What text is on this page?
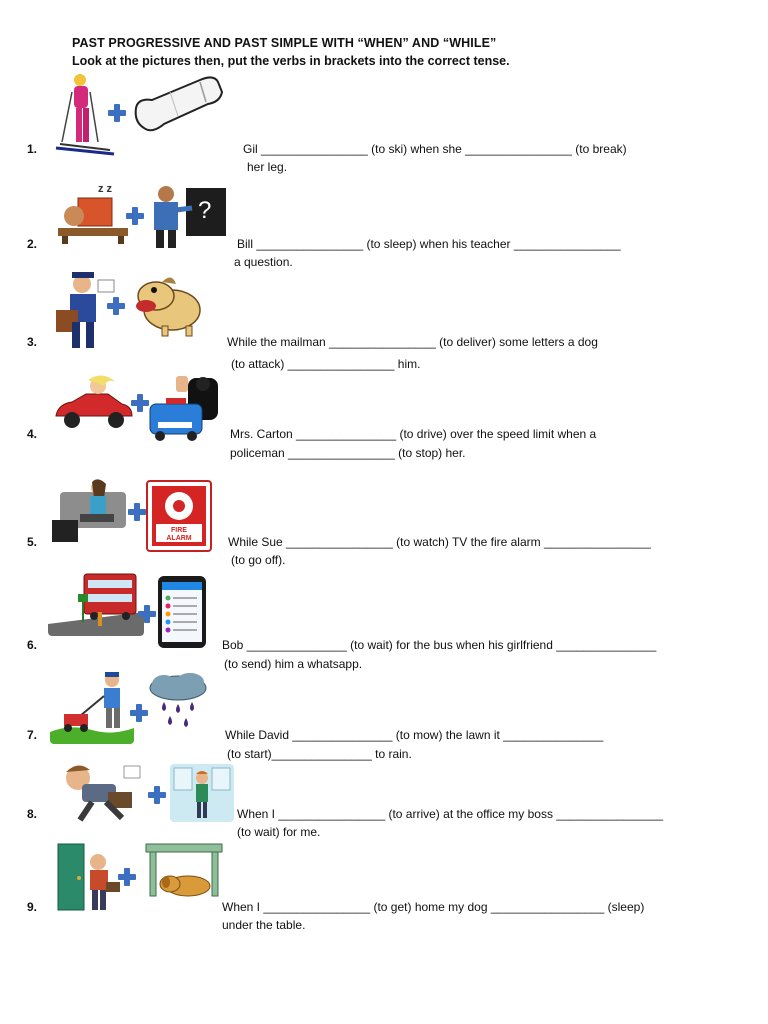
PAST PROGRESSIVE AND PAST SIMPLE WITH “WHEN” AND “WHILE”

Look at the pictures then, put the verbs in brackets into the correct tense.

1.	Gil ________________ (to ski) when she ________________ (to break)
her leg.
2.
z z
?
Bill ________________ (to sleep) when his teacher ________________
a question.
3.	While the mailman ________________ (to deliver) some letters a dog
(to attack) ________________ him.
4.	Mrs. Carton _______________ (to drive) over the speed limit when a
policeman ________________ (to stop) her.
5.
FIRE
ALARM	While Sue ________________ (to watch) TV the fire alarm ________________
(to go off).
6.	Bob _______________ (to wait) for the bus when his girlfriend _______________
(to send) him a whatsapp.
7.	While David _______________ (to mow) the lawn it _______________
(to start)_______________ to rain.
8.	When I ________________ (to arrive) at the office my boss ________________
(to wait) for me.
9.	When I ________________ (to get) home my dog _________________ (sleep)
under the table.
